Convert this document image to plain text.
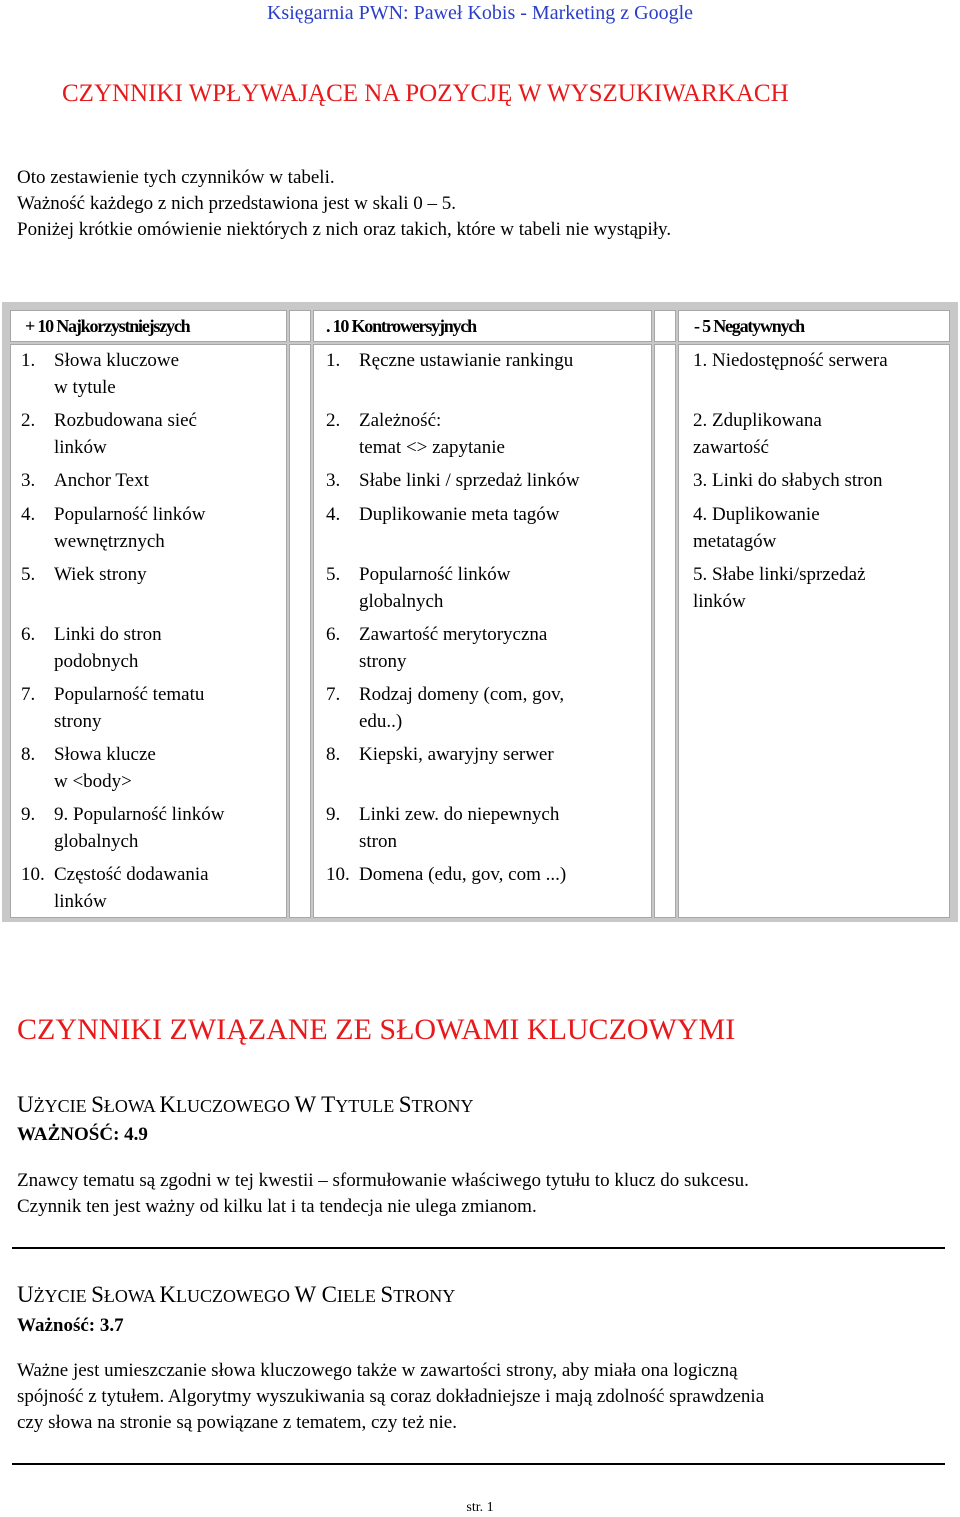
Księgarnia PWN: Paweł Kobis - Marketing z Google
CZYNNIKI WPŁYWAJĄCE NA POZYCJĘ W WYSZUKIWARKACH
Oto zestawienie tych czynników w tabeli.
Ważność każdego z nich przedstawiona jest w skali 0 – 5.
Poniżej krótkie omówienie niektórych z nich oraz takich, które w tabeli nie wystąpiły.
+ 10 Najkorzystniejszych	. 10 Kontrowersyjnych	- 5 Negatywnych
1. Słowa kluczowe
w tytule
2. Rozbudowana sieć
linków
3. Anchor Text
4. Popularność linków
wewnętrznych
5. Wiek strony
6. Linki do stron
podobnych
7. Popularność tematu
strony
8. Słowa klucze
w <body>
9. 9. Popularność linków
globalnych
10. Częstość dodawania
linków
1. Ręczne ustawianie rankingu
2. Zależność:
temat <> zapytanie
3. Słabe linki / sprzedaż linków
4. Duplikowanie meta tagów
5. Popularność linków
globalnych
6. Zawartość merytoryczna
strony
7. Rodzaj domeny (com, gov,
edu..)
8. Kiepski, awaryjny serwer
9. Linki zew. do niepewnych
stron
10. Domena (edu, gov, com ...)
1. Niedostępność serwera
2. Zduplikowana
zawartość
3. Linki do słabych stron
4. Duplikowanie
metatagów
5. Słabe linki/sprzedaż
linków
CZYNNIKI ZWIĄZANE ZE SŁOWAMI KLUCZOWYMI
UŻYCIE SŁOWA KLUCZOWEGO W TYTULE STRONY
WAŻNOŚĆ: 4.9
Znawcy tematu są zgodni w tej kwestii – sformułowanie właściwego tytułu to klucz do sukcesu.
Czynnik ten jest ważny od kilku lat i ta tendecja nie ulega zmianom.
UŻYCIE SŁOWA KLUCZOWEGO W CIELE STRONY
Ważność: 3.7
Ważne jest umieszczanie słowa kluczowego także w zawartości strony, aby miała ona logiczną
spójność z tytułem. Algorytmy wyszukiwania są coraz dokładniejsze i mają zdolność sprawdzenia
czy słowa na stronie są powiązane z tematem, czy też nie.
str. 1
